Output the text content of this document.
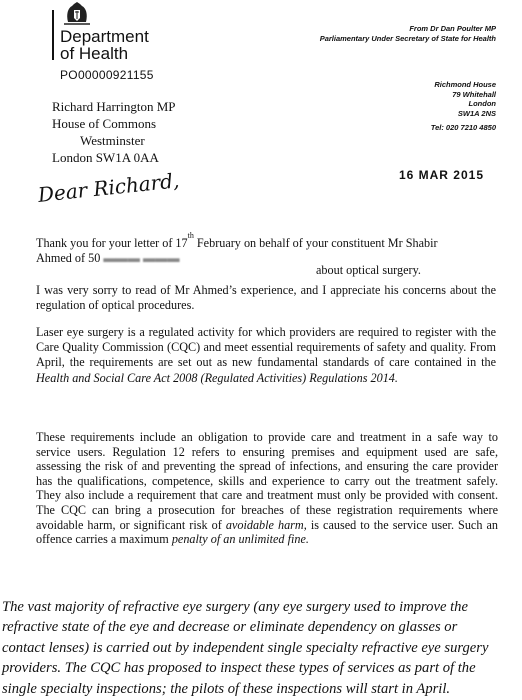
Department
of Health
PO00000921155
From Dr Dan Poulter MP
Parliamentary Under Secretary of State for Health
Richmond House
79 Whitehall
London
SW1A 2NS
Tel: 020 7210 4850
Richard Harrington MP
House of Commons
Westminster
London SW1A 0AA
16 MAR 2015
Dear Richard,
Thank you for your letter of 17th February on behalf of your constituent Mr Shabir
Ahmed of 50 ▬▬▬ ▬▬▬
about optical surgery.
I was very sorry to read of Mr Ahmed’s experience, and I appreciate his concerns about the regulation of optical procedures.
Laser eye surgery is a regulated activity for which providers are required to register with the Care Quality Commission (CQC) and meet essential requirements of safety and quality. From April, the requirements are set out as new fundamental standards of care contained in the Health and Social Care Act 2008 (Regulated Activities) Regulations 2014.
These requirements include an obligation to provide care and treatment in a safe way to service users. Regulation 12 refers to ensuring premises and equipment used are safe, assessing the risk of and preventing the spread of infections, and ensuring the care provider has the qualifications, competence, skills and experience to carry out the treatment safely. They also include a requirement that care and treatment must only be provided with consent. The CQC can bring a prosecution for breaches of these registration requirements where avoidable harm, or significant risk of avoidable harm, is caused to the service user. Such an offence carries a maximum penalty of an unlimited fine.
The vast majority of refractive eye surgery (any eye surgery used to improve the refractive state of the eye and decrease or eliminate dependency on glasses or contact lenses) is carried out by independent single specialty refractive eye surgery providers. The CQC has proposed to inspect these types of services as part of the single specialty inspections; the pilots of these inspections will start in April.
